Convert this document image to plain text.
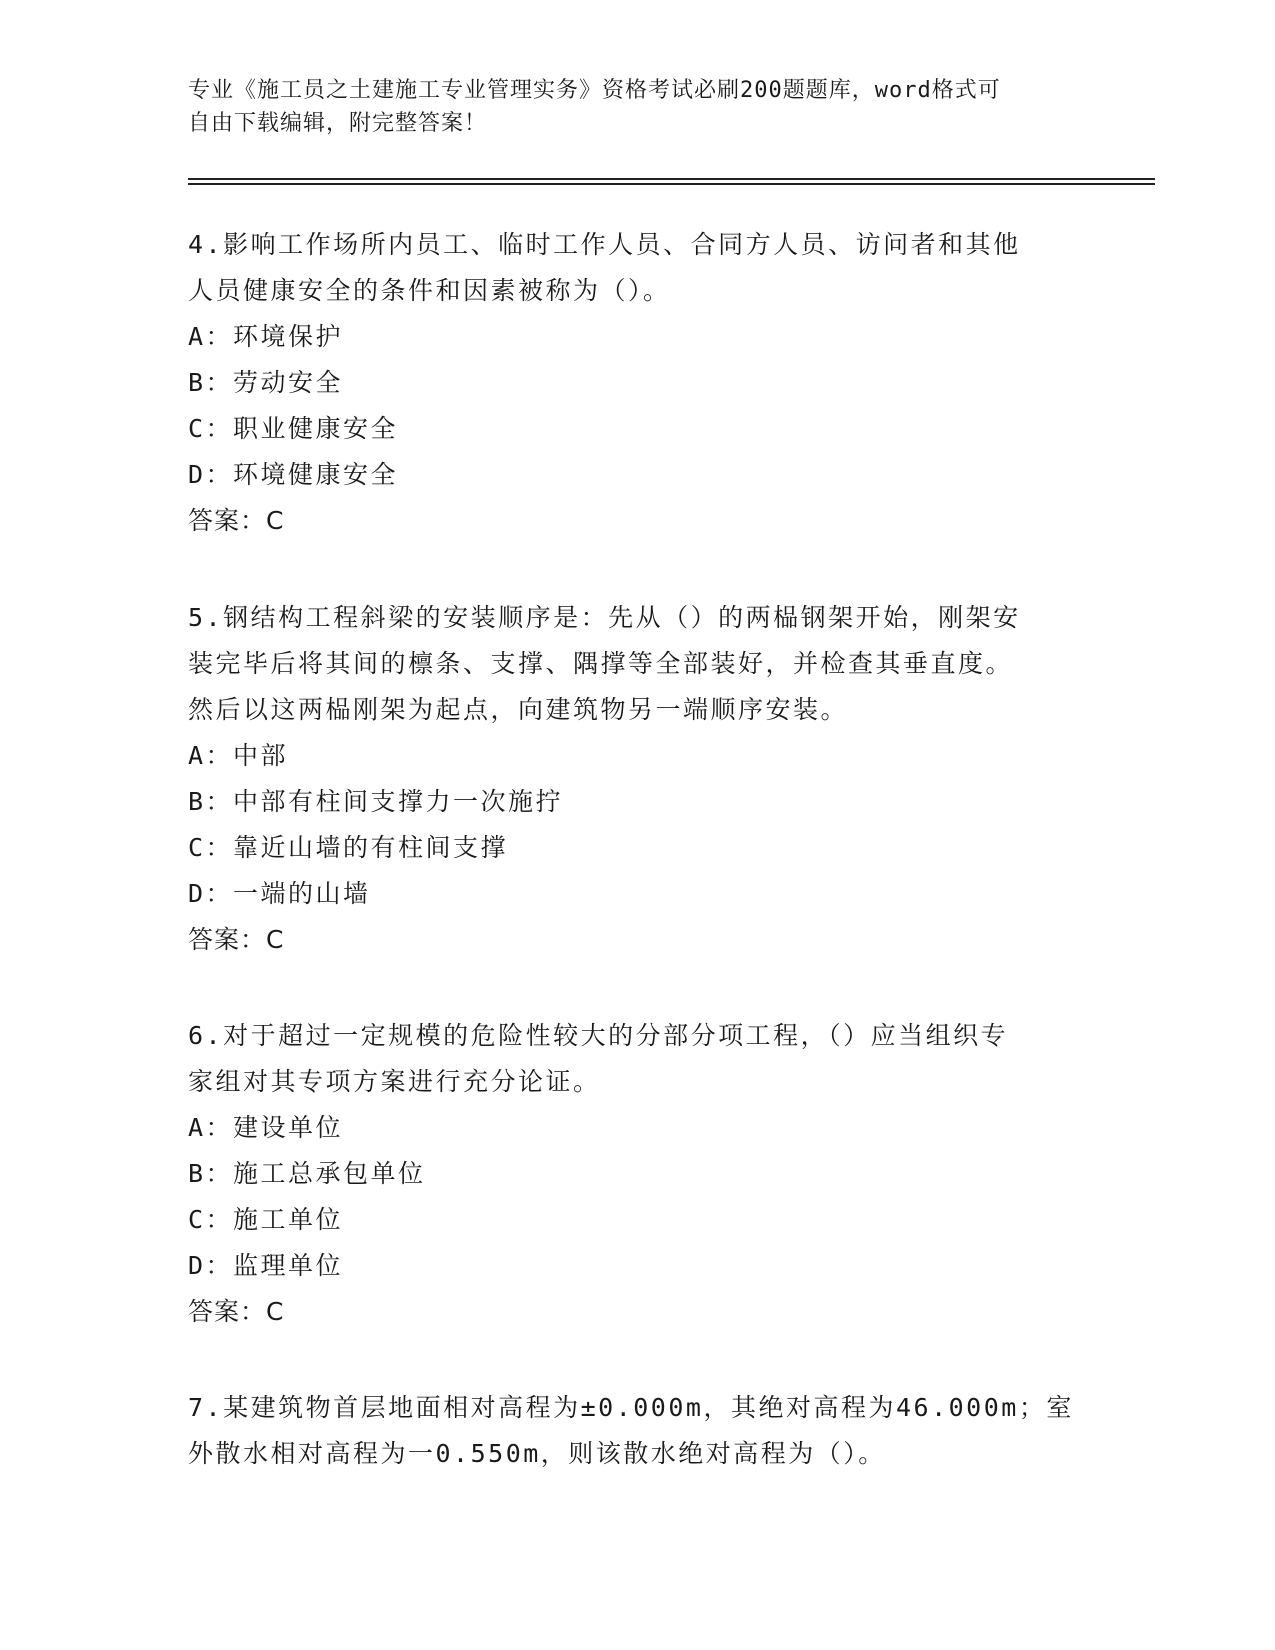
专业《施工员之土建施工专业管理实务》资格考试必刷200题题库，word格式可
自由下载编辑，附完整答案！
4.影响工作场所内员工、临时工作人员、合同方人员、访问者和其他
人员健康安全的条件和因素被称为（）。
A：环境保护
B：劳动安全
C：职业健康安全
D：环境健康安全
答案：C
5.钢结构工程斜梁的安装顺序是：先从（）的两榀钢架开始，刚架安
装完毕后将其间的檩条、支撑、隅撑等全部装好，并检查其垂直度。
然后以这两榀刚架为起点，向建筑物另一端顺序安装。
A：中部
B：中部有柱间支撑力一次施拧
C：靠近山墙的有柱间支撑
D：一端的山墙
答案：C
6.对于超过一定规模的危险性较大的分部分项工程，（）应当组织专
家组对其专项方案进行充分论证。
A：建设单位
B：施工总承包单位
C：施工单位
D：监理单位
答案：C
7.某建筑物首层地面相对高程为±0.000m，其绝对高程为46.000m；室
外散水相对高程为一0.550m，则该散水绝对高程为（）。
